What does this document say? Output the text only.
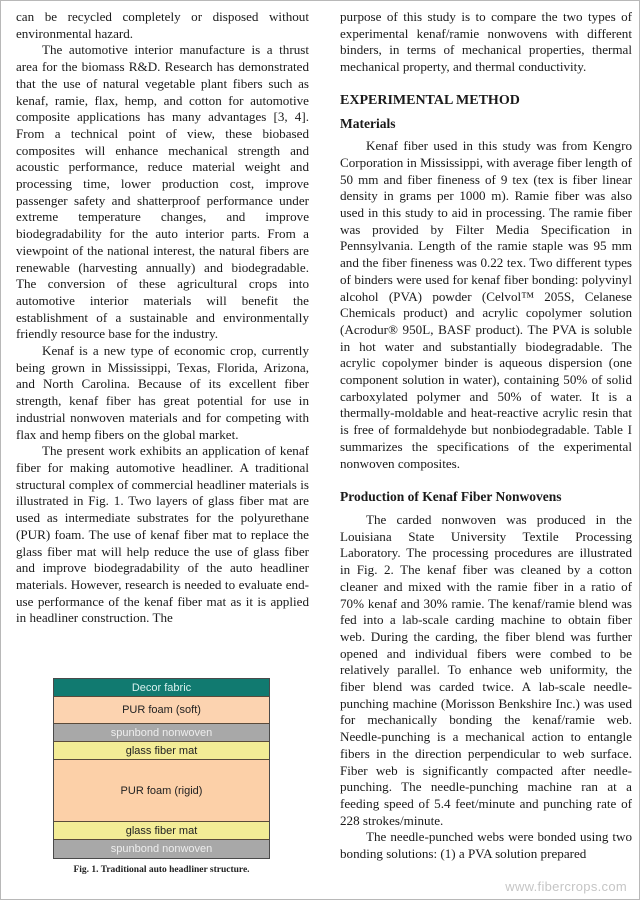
can be recycled completely or disposed without environmental hazard.

The automotive interior manufacture is a thrust area for the biomass R&D. Research has demonstrated that the use of natural vegetable plant fibers such as kenaf, ramie, flax, hemp, and cotton for automotive composite applications has many advantages [3, 4]. From a technical point of view, these biobased composites will enhance mechanical strength and acoustic performance, reduce material weight and processing time, lower production cost, improve passenger safety and shatterproof performance under extreme temperature changes, and improve biodegradability for the auto interior parts. From a viewpoint of the national interest, the natural fibers are renewable (harvesting annually) and biodegradable. The conversion of these agricultural crops into automotive interior materials will benefit the establishment of a sustainable and environmentally friendly resource base for the industry.

Kenaf is a new type of economic crop, currently being grown in Mississippi, Texas, Florida, Arizona, and North Carolina. Because of its excellent fiber strength, kenaf fiber has great potential for use in industrial nonwoven materials and for competing with flax and hemp fibers on the global market.

The present work exhibits an application of kenaf fiber for making automotive headliner. A traditional structural complex of commercial headliner materials is illustrated in Fig. 1. Two layers of glass fiber mat are used as intermediate substrates for the polyurethane (PUR) foam. The use of kenaf fiber mat to replace the glass fiber mat will help reduce the use of glass fiber and improve biodegradability of the auto headliner materials. However, research is needed to evaluate end-use performance of the kenaf fiber mat as it is applied in headliner construction. The

Decor fabric
PUR foam (soft)
spunbond nonwoven
glass fiber mat
PUR foam (rigid)
glass fiber mat
spunbond nonwoven
Fig. 1. Traditional auto headliner structure.

purpose of this study is to compare the two types of experimental kenaf/ramie nonwovens with different binders, in terms of mechanical properties, thermal mechanical property, and thermal conductivity.

EXPERIMENTAL METHOD
Materials

Kenaf fiber used in this study was from Kengro Corporation in Mississippi, with average fiber length of 50 mm and fiber fineness of 9 tex (tex is fiber linear density in grams per 1000 m). Ramie fiber was also used in this study to aid in processing. The ramie fiber was provided by Filter Media Specification in Pennsylvania. Length of the ramie staple was 95 mm and the fiber fineness was 0.22 tex. Two different types of binders were used for kenaf fiber bonding: polyvinyl alcohol (PVA) powder (Celvol™ 205S, Celanese Chemicals product) and acrylic copolymer solution (Acrodur® 950L, BASF product). The PVA is soluble in hot water and substantially biodegradable. The acrylic copolymer binder is aqueous dispersion (one component solution in water), containing 50% of solid carboxylated polymer and 50% of water. It is a thermally-moldable and heat-reactive acrylic resin that is free of formaldehyde but nonbiodegradable. Table I summarizes the specifications of the experimental nonwoven composites.

Production of Kenaf Fiber Nonwovens

The carded nonwoven was produced in the Louisiana State University Textile Processing Laboratory. The processing procedures are illustrated in Fig. 2. The kenaf fiber was cleaned by a cotton cleaner and mixed with the ramie fiber in a ratio of 70% kenaf and 30% ramie. The kenaf/ramie blend was fed into a lab-scale carding machine to obtain fiber web. During the carding, the fiber blend was further opened and individual fibers were combed to be relatively parallel. To enhance web uniformity, the fiber blend was carded twice. A lab-scale needle-punching machine (Morisson Benkshire Inc.) was used for mechanically bonding the kenaf/ramie web. Needle-punching is a mechanical action to entangle fibers in the direction perpendicular to web surface. Fiber web is significantly compacted after needle-punching. The needle-punching machine ran at a feeding speed of 5.4 feet/minute and punching rate of 228 strokes/minute.

The needle-punched webs were bonded using two bonding solutions: (1) a PVA solution prepared

www.fibercrops.com
